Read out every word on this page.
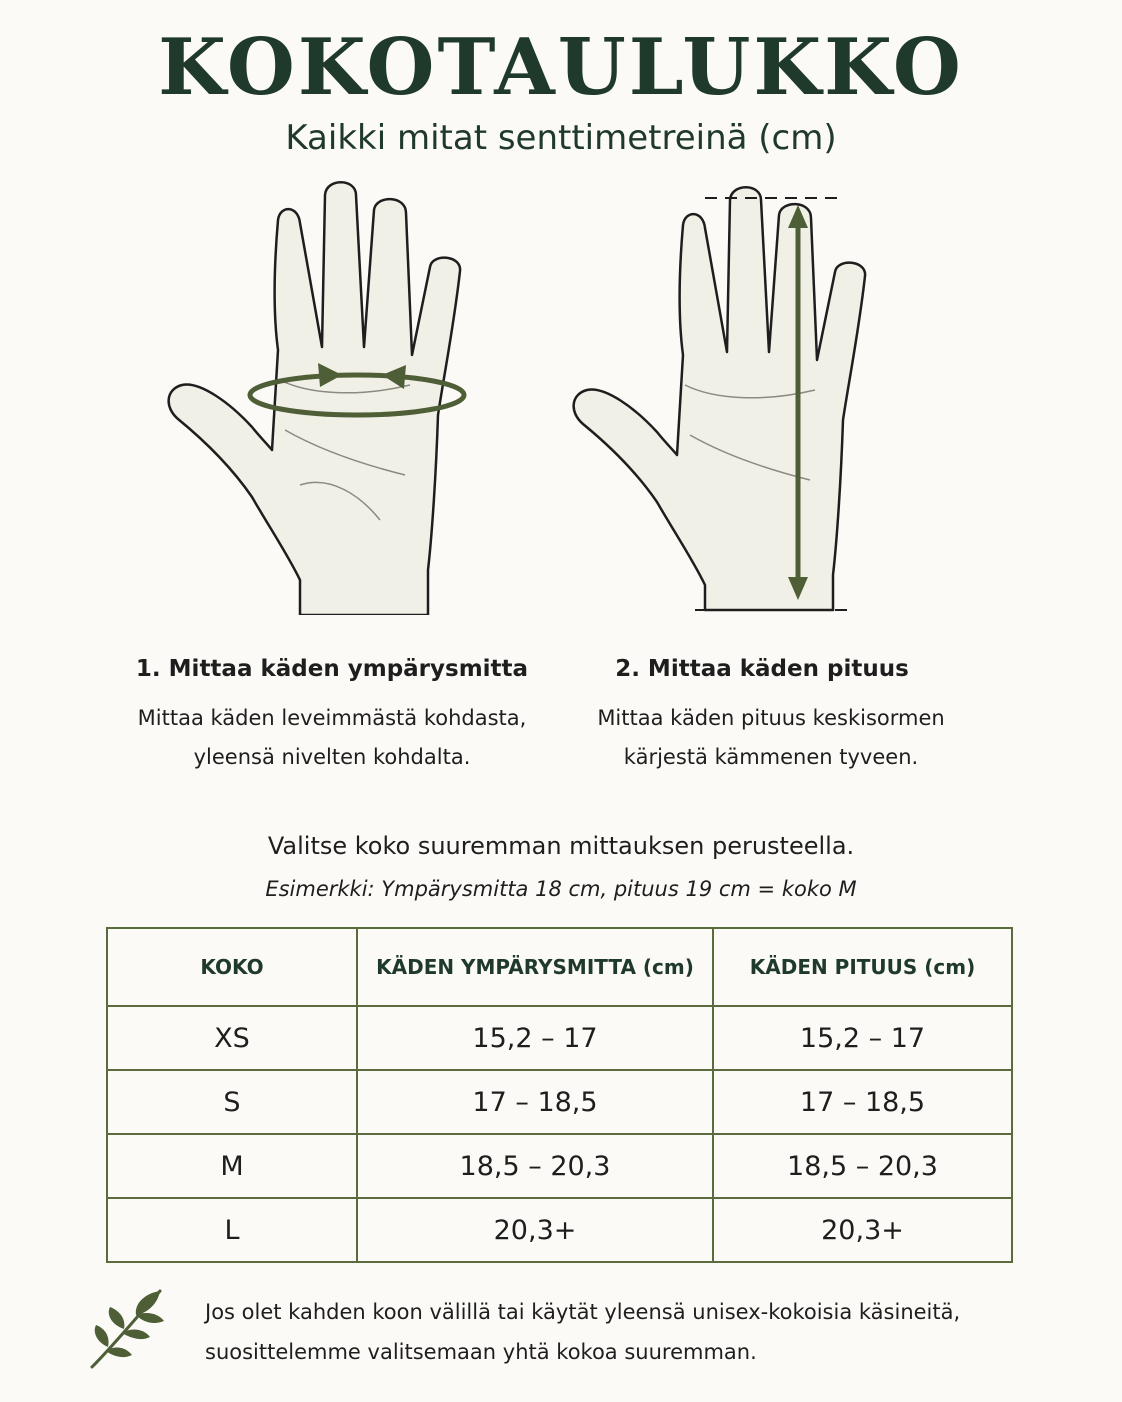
KOKOTAULUKKO
Kaikki mitat senttimetreinä (cm)
1. Mittaa käden ympärysmitta
Mittaa käden leveimmästä kohdasta,
yleensä nivelten kohdalta.
2. Mittaa käden pituus
Mittaa käden pituus keskisormen
kärjestä kämmenen tyveen.
Valitse koko suuremman mittauksen perusteella.
Esimerkki: Ympärysmitta 18 cm, pituus 19 cm = koko M
KOKO	KÄDEN YMPÄRYSMITTA (cm)	KÄDEN PITUUS (cm)
XS	15,2 – 17	15,2 – 17
S	17 – 18,5	17 – 18,5
M	18,5 – 20,3	18,5 – 20,3
L	20,3+	20,3+
Jos olet kahden koon välillä tai käytät yleensä unisex-kokoisia käsineitä,
suosittelemme valitsemaan yhtä kokoa suuremman.
